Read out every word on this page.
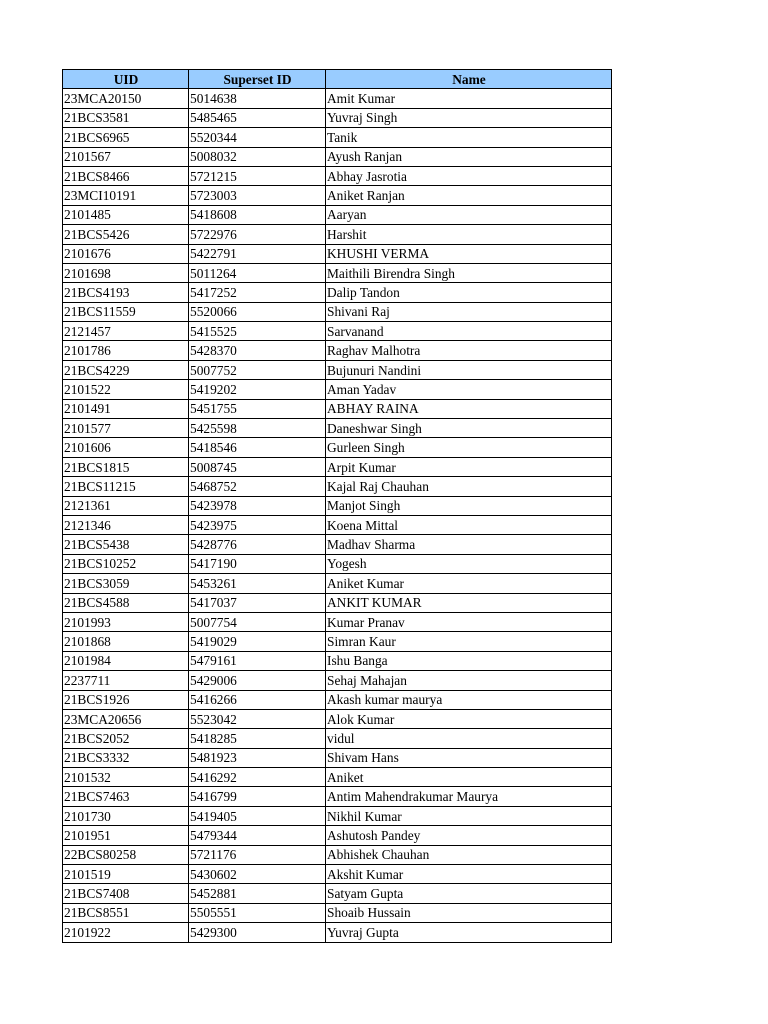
UID	Superset ID	Name
23MCA20150	5014638	Amit Kumar
21BCS3581	5485465	Yuvraj Singh
21BCS6965	5520344	Tanik
2101567	5008032	Ayush Ranjan
21BCS8466	5721215	Abhay Jasrotia
23MCI10191	5723003	Aniket Ranjan
2101485	5418608	Aaryan
21BCS5426	5722976	Harshit
2101676	5422791	KHUSHI VERMA
2101698	5011264	Maithili Birendra Singh
21BCS4193	5417252	Dalip Tandon
21BCS11559	5520066	Shivani Raj
2121457	5415525	Sarvanand
2101786	5428370	Raghav Malhotra
21BCS4229	5007752	Bujunuri Nandini
2101522	5419202	Aman Yadav
2101491	5451755	ABHAY RAINA
2101577	5425598	Daneshwar Singh
2101606	5418546	Gurleen Singh
21BCS1815	5008745	Arpit Kumar
21BCS11215	5468752	Kajal Raj Chauhan
2121361	5423978	Manjot Singh
2121346	5423975	Koena Mittal
21BCS5438	5428776	Madhav Sharma
21BCS10252	5417190	Yogesh
21BCS3059	5453261	Aniket Kumar
21BCS4588	5417037	ANKIT KUMAR
2101993	5007754	Kumar Pranav
2101868	5419029	Simran Kaur
2101984	5479161	Ishu Banga
2237711	5429006	Sehaj Mahajan
21BCS1926	5416266	Akash kumar maurya
23MCA20656	5523042	Alok Kumar
21BCS2052	5418285	vidul
21BCS3332	5481923	Shivam Hans
2101532	5416292	Aniket
21BCS7463	5416799	Antim Mahendrakumar Maurya
2101730	5419405	Nikhil Kumar
2101951	5479344	Ashutosh Pandey
22BCS80258	5721176	Abhishek Chauhan
2101519	5430602	Akshit Kumar
21BCS7408	5452881	Satyam Gupta
21BCS8551	5505551	Shoaib Hussain
2101922	5429300	Yuvraj Gupta
